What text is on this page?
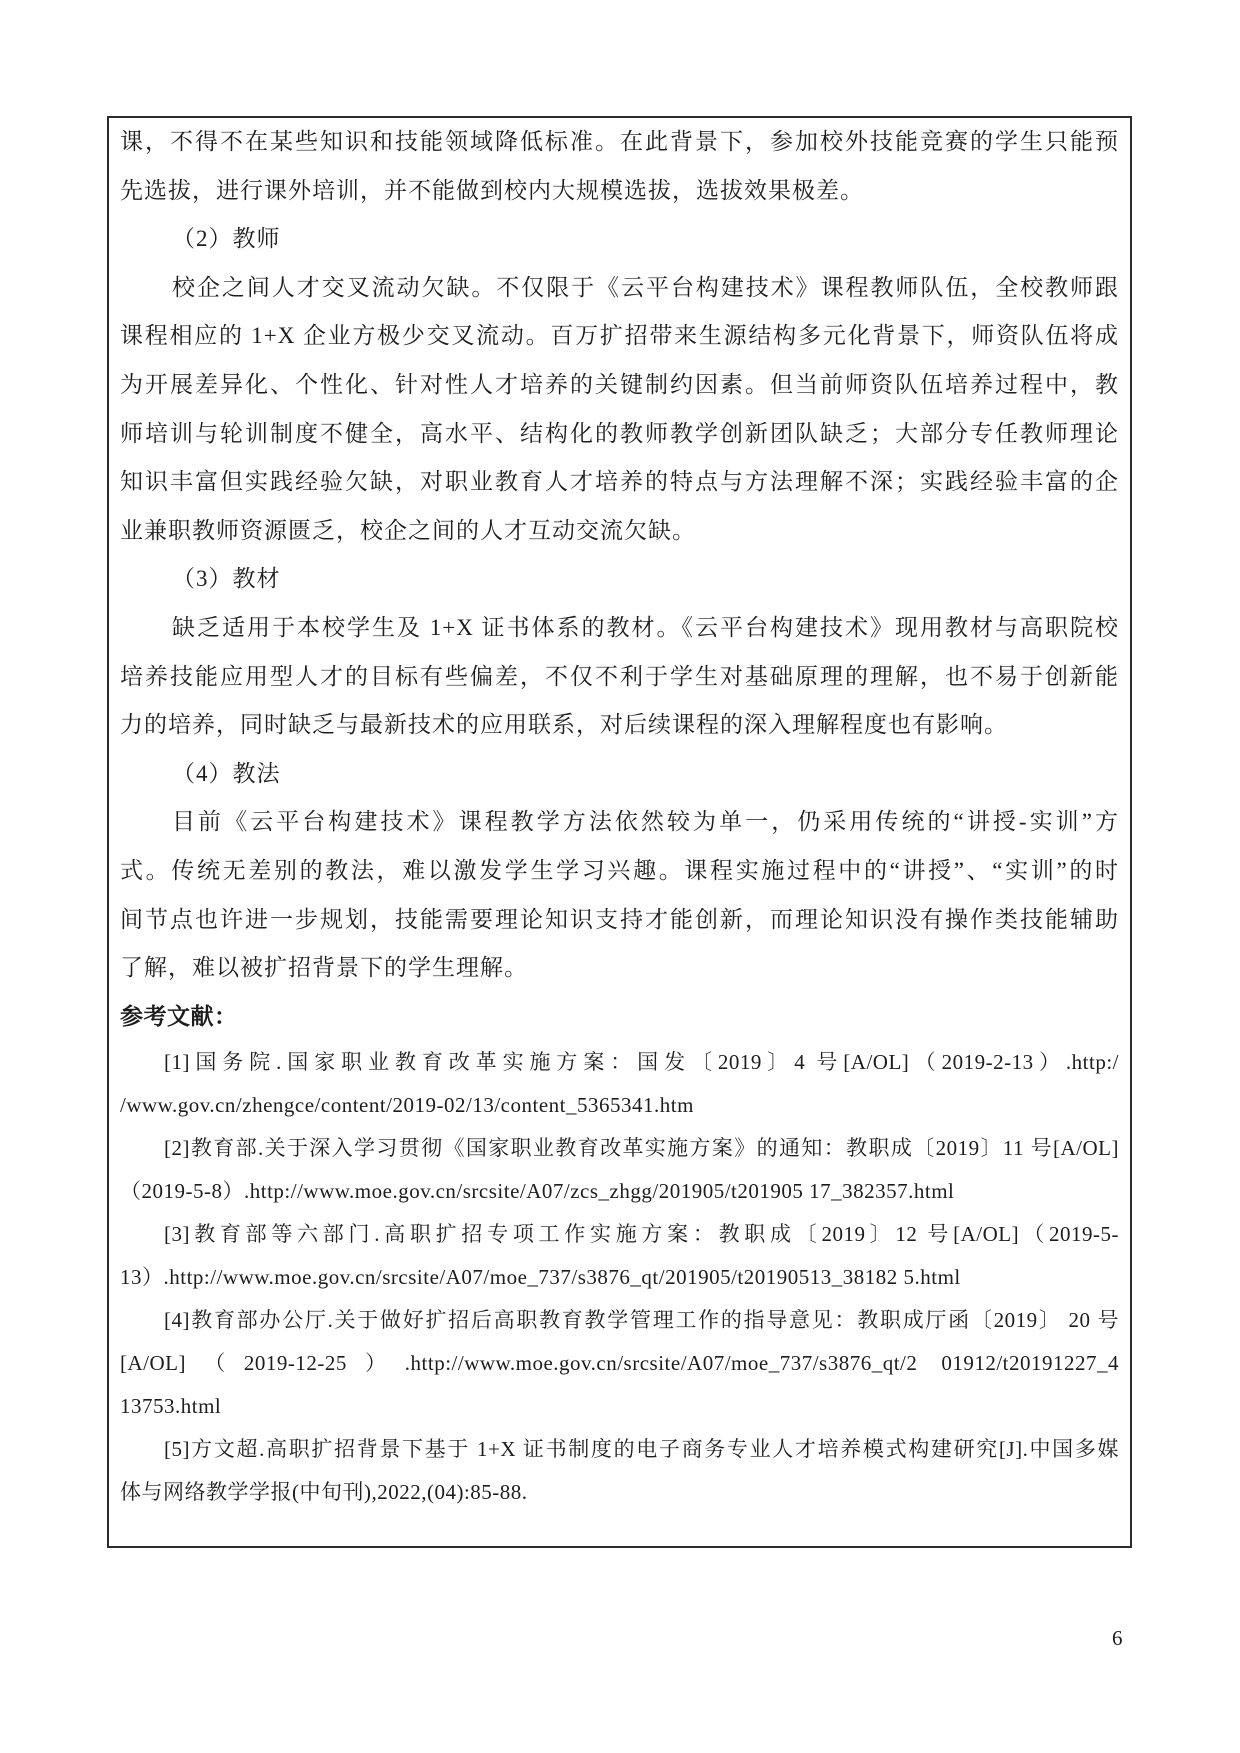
课，不得不在某些知识和技能领域降低标准。在此背景下，参加校外技能竞赛的学生只能预
先选拔，进行课外培训，并不能做到校内大规模选拔，选拔效果极差。
（2）教师
校企之间人才交叉流动欠缺。不仅限于《云平台构建技术》课程教师队伍，全校教师跟
课程相应的 1+X 企业方极少交叉流动。百万扩招带来生源结构多元化背景下，师资队伍将成
为开展差异化、个性化、针对性人才培养的关键制约因素。但当前师资队伍培养过程中，教
师培训与轮训制度不健全，高水平、结构化的教师教学创新团队缺乏；大部分专任教师理论
知识丰富但实践经验欠缺，对职业教育人才培养的特点与方法理解不深；实践经验丰富的企
业兼职教师资源匮乏，校企之间的人才互动交流欠缺。
（3）教材
缺乏适用于本校学生及 1+X 证书体系的教材。《云平台构建技术》现用教材与高职院校
培养技能应用型人才的目标有些偏差，不仅不利于学生对基础原理的理解，也不易于创新能
力的培养，同时缺乏与最新技术的应用联系，对后续课程的深入理解程度也有影响。
（4）教法
目前《云平台构建技术》课程教学方法依然较为单一，仍采用传统的“讲授-实训”方
式。传统无差别的教法，难以激发学生学习兴趣。课程实施过程中的“讲授”、“实训”的时
间节点也许进一步规划，技能需要理论知识支持才能创新，而理论知识没有操作类技能辅助
了解，难以被扩招背景下的学生理解。
参考文献：
[1]国务院.国家职业教育改革实施方案：国发〔2019〕4 号[A/OL]（2019-2-13）.http:/
/www.gov.cn/zhengce/content/2019-02/13/content_5365341.htm
[2]教育部.关于深入学习贯彻《国家职业教育改革实施方案》的通知：教职成〔2019〕11 号[A/OL]
（2019-5-8）.http://www.moe.gov.cn/srcsite/A07/zcs_zhgg/201905/t201905 17_382357.html
[3]教育部等六部门.高职扩招专项工作实施方案：教职成〔2019〕12 号[A/OL]（2019-5-
13）.http://www.moe.gov.cn/srcsite/A07/moe_737/s3876_qt/201905/t20190513_38182 5.html
[4]教育部办公厅.关于做好扩招后高职教育教学管理工作的指导意见：教职成厅函〔2019〕 20 号
[A/OL]（2019-12-25）.http://www.moe.gov.cn/srcsite/A07/moe_737/s3876_qt/2 01912/t20191227_4
13753.html
[5]方文超.高职扩招背景下基于 1+X 证书制度的电子商务专业人才培养模式构建研究[J].中国多媒
体与网络教学学报(中旬刊),2022,(04):85-88.
6
